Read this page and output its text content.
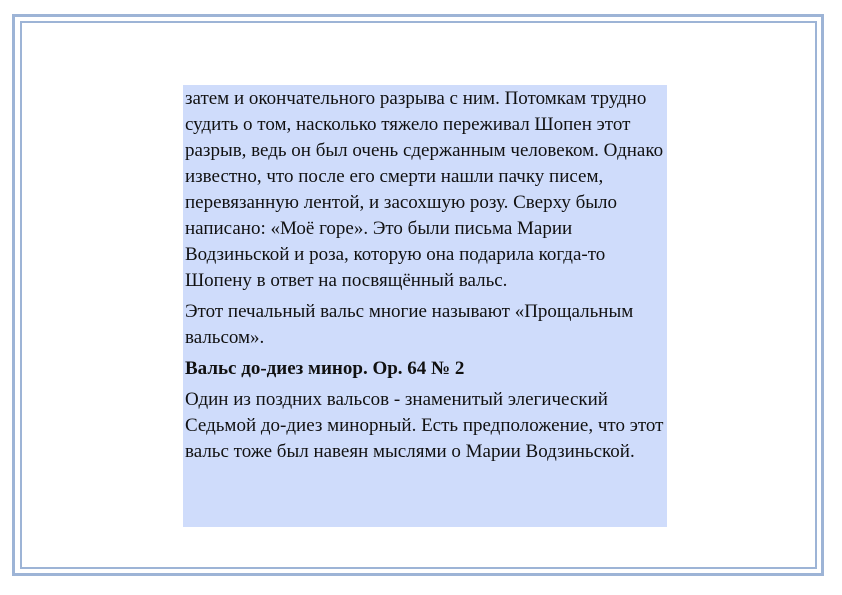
затем и окончательного разрыва с ним. Потомкам трудно судить о том, насколько тяжело переживал Шопен этот разрыв, ведь он был очень сдержанным человеком. Однако известно, что после его смерти нашли пачку писем, перевязанную лентой, и засохшую розу. Сверху было написано: «Моё горе». Это были письма Марии Водзиньской и роза, которую она подарила когда-то Шопену в ответ на посвящённый вальс.

Этот печальный вальс многие называют «Прощальным вальсом».

Вальс до-диез минор. Ор. 64 № 2

Один из поздних вальсов - знаменитый элегический Седьмой до-диез минорный. Есть предположение, что этот вальс тоже был навеян мыслями о Марии Водзиньской.
